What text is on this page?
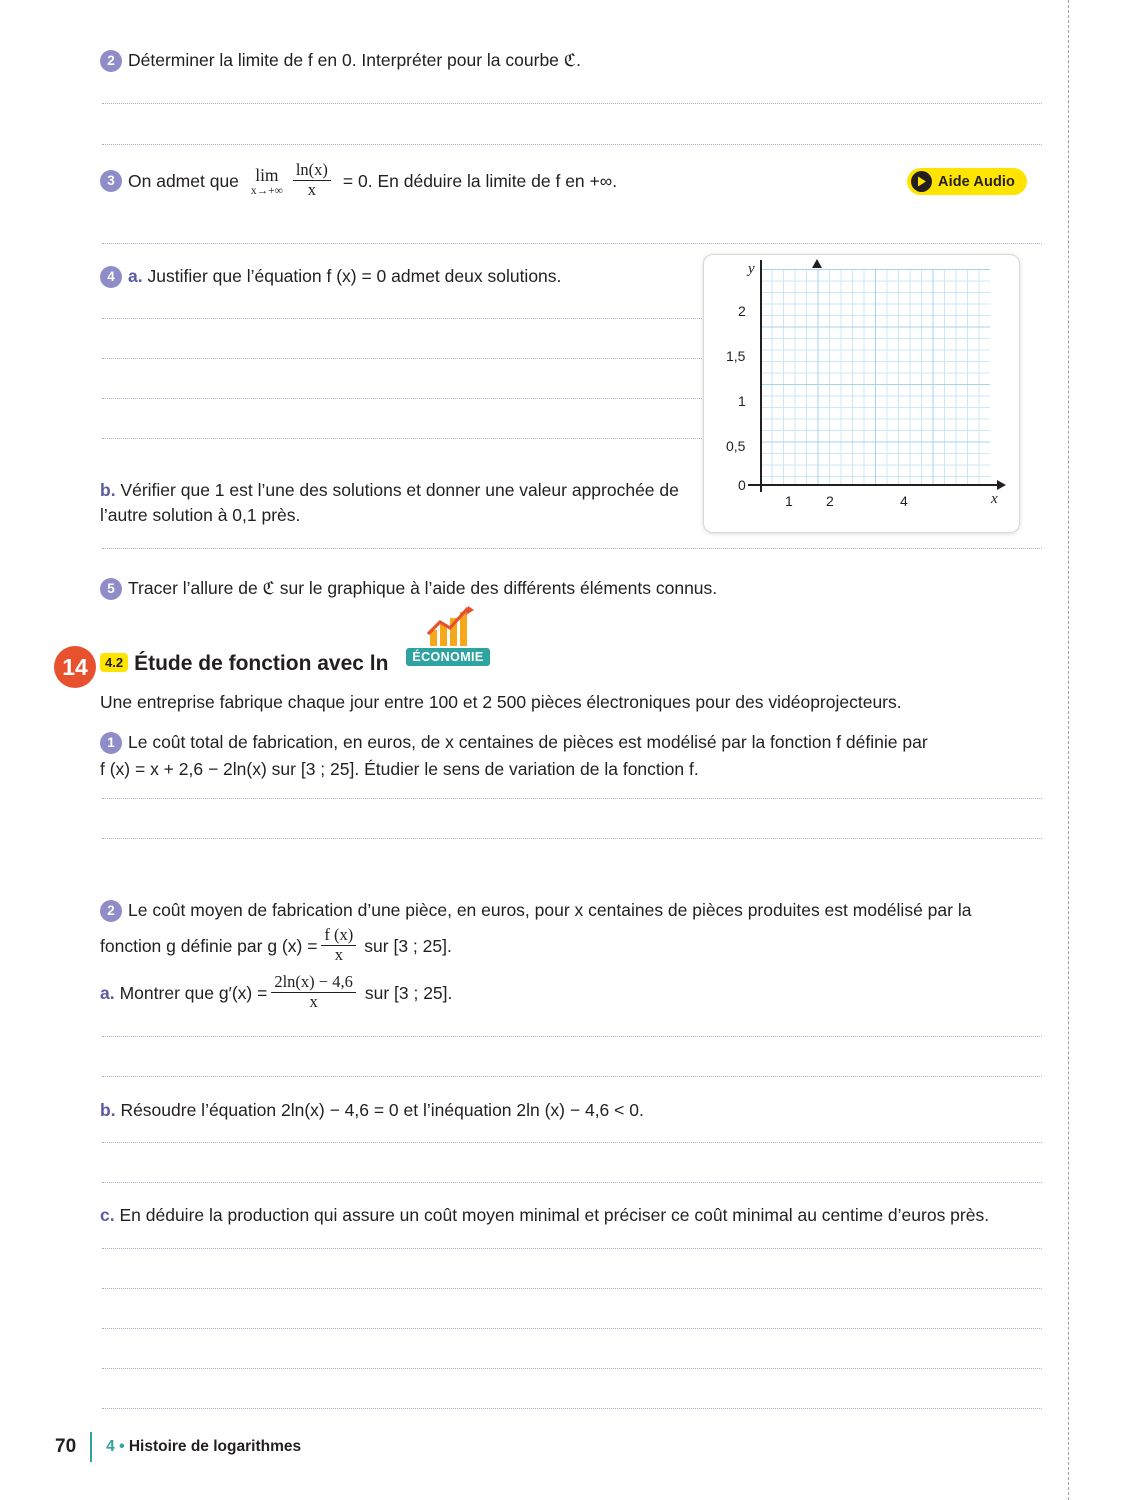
2 Déterminer la limite de f en 0. Interpréter pour la courbe ℭ.
3 On admet que lim
$x\to+\infty \frac{\ln(x)}{x} = 0$. En déduire la limite de f en +∞.	Aide Audio
4 a. Justifier que l’équation f (x) = 0 admet deux solutions.
b. Vérifier que 1 est l’une des solutions et donner une valeur approchée de l’autre solution à 0,1 près.
y
x
2
1,5
1
0,5
0
1 2	4
5 Tracer l’allure de ℭ sur le graphique à l’aide des différents éléments connus.
14	4.2 Étude de fonction avec ln	ÉCONOMIE
Une entreprise fabrique chaque jour entre 100 et 2 500 pièces électroniques pour des vidéoprojecteurs.
1 Le coût total de fabrication, en euros, de x centaines de pièces est modélisé par la fonction f définie par
f (x) = x + 2,6 − 2ln(x) sur [3 ; 25]. Étudier le sens de variation de la fonction f.
2 Le coût moyen de fabrication d’une pièce, en euros, pour x centaines de pièces produites est modélisé par la
fonction g définie par g $(x) = \frac{f (x)}{x}$ sur [3 ; 25].
a. Montrer que $g'(x) = \frac{2\ln(x) - 4,6}{x}$ sur [3 ; 25].
b. Résoudre l’équation 2ln(x) − 4,6 = 0 et l’inéquation 2ln (x) − 4,6 < 0.
c. En déduire la production qui assure un coût moyen minimal et préciser ce coût minimal au centime d’euros près.
70 4 • Histoire de logarithmes
